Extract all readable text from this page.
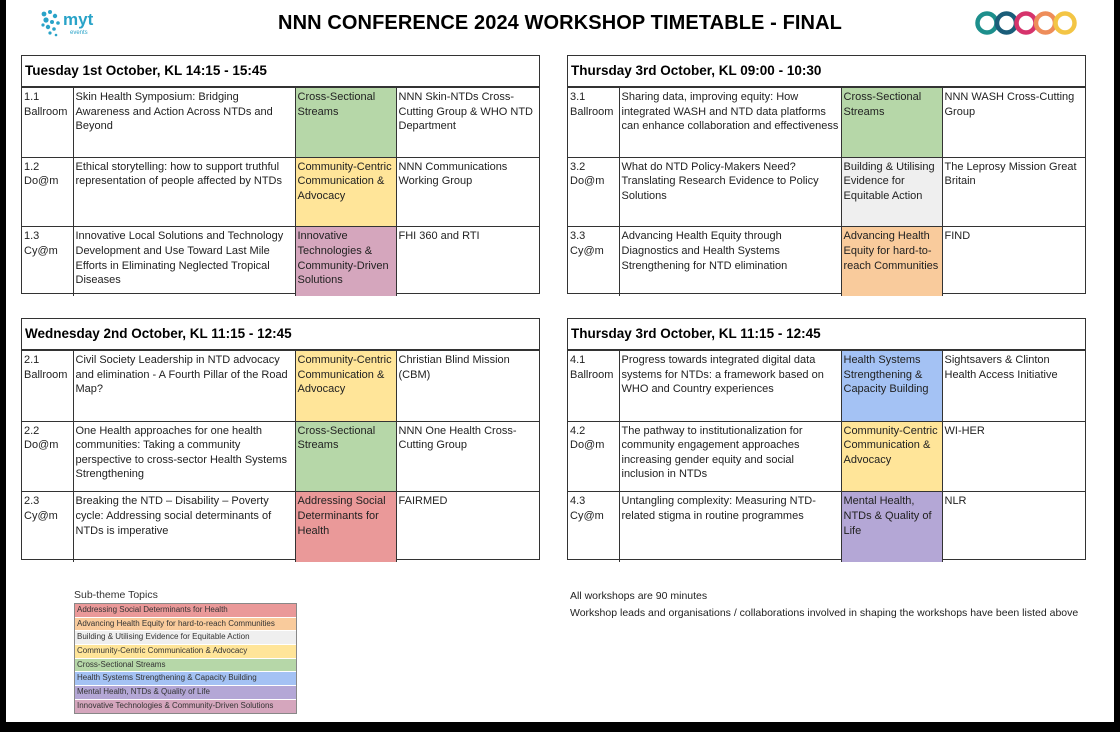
myt
events	NNN CONFERENCE 2024 WORKSHOP TIMETABLE - FINAL
Tuesday 1st October, KL 14:15 - 15:45
1.1
Ballroom	Skin Health Symposium: Bridging Awareness and Action Across NTDs and Beyond	Cross-Sectional Streams	NNN Skin-NTDs Cross-Cutting Group & WHO NTD Department
1.2
Do@m	Ethical storytelling: how to support truthful representation of people affected by NTDs	Community-Centric Communication & Advocacy	NNN Communications Working Group
1.3
Cy@m	Innovative Local Solutions and Technology Development and Use Toward Last Mile Efforts in Eliminating Neglected Tropical Diseases	Innovative Technologies & Community-Driven Solutions	FHI 360 and RTI
Thursday 3rd October, KL 09:00 - 10:30
3.1
Ballroom	Sharing data, improving equity: How integrated WASH and NTD data platforms can enhance collaboration and effectiveness	Cross-Sectional Streams	NNN WASH Cross-Cutting Group
3.2
Do@m	What do NTD Policy-Makers Need? Translating Research Evidence to Policy Solutions	Building & Utilising Evidence for Equitable Action	The Leprosy Mission Great Britain
3.3
Cy@m	Advancing Health Equity through Diagnostics and Health Systems Strengthening for NTD elimination	Advancing Health Equity for hard-to-reach Communities	FIND
Wednesday 2nd October, KL 11:15 - 12:45
2.1
Ballroom	Civil Society Leadership in NTD advocacy and elimination - A Fourth Pillar of the Road Map?	Community-Centric Communication & Advocacy	Christian Blind Mission (CBM)
2.2
Do@m	One Health approaches for one health communities: Taking a community perspective to cross-sector Health Systems Strengthening	Cross-Sectional Streams	NNN One Health Cross-Cutting Group
2.3
Cy@m	Breaking the NTD – Disability – Poverty cycle: Addressing social determinants of NTDs is imperative	Addressing Social Determinants for Health	FAIRMED
Thursday 3rd October, KL 11:15 - 12:45
4.1
Ballroom	Progress towards integrated digital data systems for NTDs: a framework based on WHO and Country experiences	Health Systems Strengthening & Capacity Building	Sightsavers & Clinton Health Access Initiative
4.2
Do@m	The pathway to institutionalization for community engagement approaches increasing gender equity and social inclusion in NTDs	Community-Centric Communication & Advocacy	WI-HER
4.3
Cy@m	Untangling complexity: Measuring NTD-related stigma in routine programmes	Mental Health, NTDs & Quality of Life	NLR
Sub-theme Topics
Addressing Social Determinants for Health
Advancing Health Equity for hard-to-reach Communities
Building & Utilising Evidence for Equitable Action
Community-Centric Communication & Advocacy
Cross-Sectional Streams
Health Systems Strengthening & Capacity Building
Mental Health, NTDs & Quality of Life
Innovative Technologies & Community-Driven Solutions
All workshops are 90 minutes
Workshop leads and organisations / collaborations involved in shaping the workshops have been listed above
